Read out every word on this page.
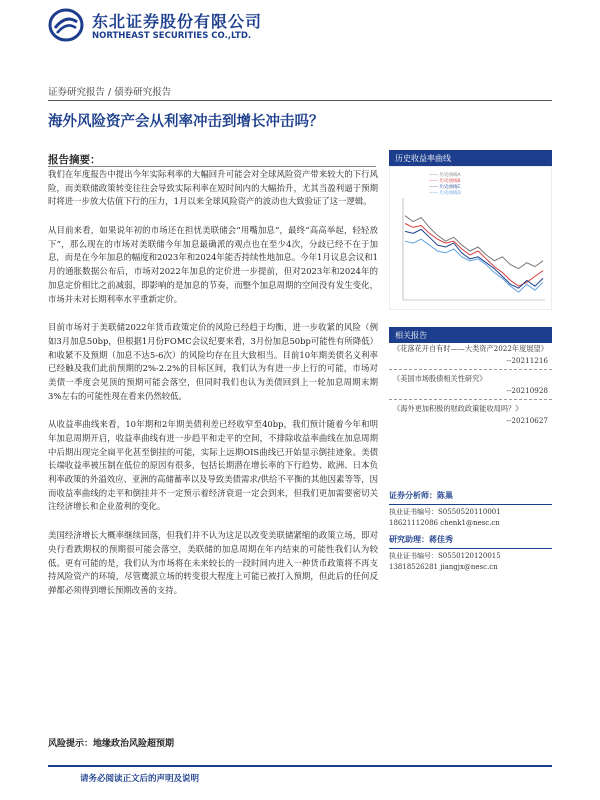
东北证券股份有限公司
NORTHEAST SECURITIES CO.,LTD.
证券研究报告 / 债券研究报告
海外风险资产会从利率冲击到增长冲击吗？
报告摘要：

我们在年度报告中提出今年实际利率的大幅回升可能会对全球风险资产带来较大的下行风险，而美联储政策转变往往会导致实际利率在短时间内的大幅抬升，尤其当盈利逼于预期时将进一步放大估值下行的压力，1月以来全球风险资产的波动也大致验证了这一逻辑。

从目前来看，如果说年初的市场还在担忧美联储会“用嘴加息”，最终“高高举起，轻轻放下”，那么现在的市场对美联储今年加息最确派的观点也在至少4次，分歧已经不在于加息，而是在今年加息的幅度和2023年和2024年能否持续性地加息。今年1月议息会议和1月的通胀数据公布后，市场对2022年加息的定价进一步提前，但对2023年和2024年的加息定价相比之前减弱，即影响的是加息的节奏，而整个加息周期的空间没有发生变化，市场并未对长期利率水平重新定价。

目前市场对于美联储2022年货币政策定价的风险已经趋于均衡，进一步收紧的风险（例如3月加息50bp，但根据1月份FOMC会议纪要来看，3月份加息50bp可能性有所降低）和收紧不及预期（加息不达5-6次）的风险均存在且大致相当。目前10年期美债名义利率已经触及我们此前预期的2%-2.2%的目标区间，我们认为有进一步上行的可能，市场对美债一季度会见顶的预期可能会落空，但同时我们也认为美债回到上一轮加息周期末期3%左右的可能性现在看来仍然较低。

从收益率曲线来看，10年期和2年期美债利差已经收窄至40bp，我们预计随着今年和明年加息周期开启，收益率曲线有进一步趋平和走平的空间，不排除收益率曲线在加息周期中后期出现完全扁平化甚至倒挂的可能，实际上远期OIS曲线已开始显示倒挂迹象。美债长端收益率被压制在低位的原因有很多，包括长期潜在增长率的下行趋势、欧洲、日本负利率政策的外溢效应、亚洲的高储蓄率以及导致美债需求/供给不平衡的其他因素等等，因而收益率曲线的走平和倒挂并不一定预示着经济衰退一定会到来，但我们更加需要密切关注经济增长和企业盈利的变化。

美国经济增长大概率继续回落，但我们并不认为这足以改变美联储紧缩的政策立场，即对央行看跌期权的预期很可能会落空，美联储的加息周期在年内结束的可能性我们认为较低。更有可能的是，我们认为市场将在未来较长的一段时间内进入一种货币政策将不再支持风险资产的环境，尽管鹰派立场的转变很大程度上可能已被打入预期，但此后的任何反弹都必须得到增长预期改善的支持。

风险提示：地缘政治风险超预期
历史收益率曲线
—— 历史曲线A
—— 历史曲线B
—— 历史曲线C
—— 历史曲线D
相关报告
《花落花开自有时——大类资产2022年度展望》
--20211216
《美国市场股债相关性研究》
--20210928
《海外更加积极的财政政策能收局吗？》
--20210627
证券分析师：陈巢
执业证书编号：S0550520110001
18621112086 chenk1@nesc.cn
研究助理：蒋佳秀
执业证书编号：S0550120120015
13818526281 jiangjx@nesc.cn
请务必阅读正文后的声明及说明
